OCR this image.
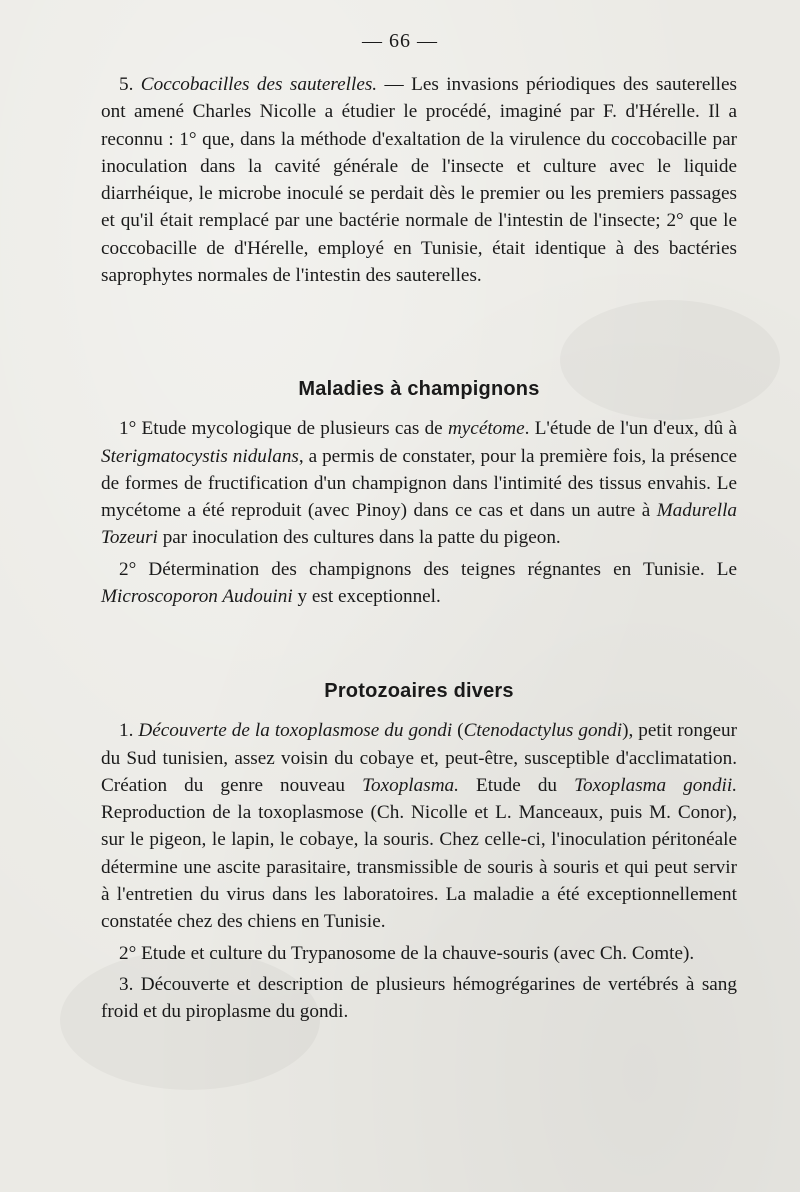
— 66 —

5. Coccobacilles des sauterelles. — Les invasions périodiques des sauterelles ont amené Charles Nicolle a étudier le procédé, imaginé par F. d'Hérelle. Il a reconnu : 1° que, dans la méthode d'exaltation de la virulence du coccobacille par inoculation dans la cavité générale de l'insecte et culture avec le liquide diarrhéique, le microbe inoculé se perdait dès le premier ou les premiers passages et qu'il était remplacé par une bactérie normale de l'intestin de l'insecte; 2° que le coccobacille de d'Hérelle, employé en Tunisie, était identique à des bactéries saprophytes normales de l'intestin des sauterelles.

Maladies à champignons

1° Etude mycologique de plusieurs cas de mycétome. L'étude de l'un d'eux, dû à Sterigmatocystis nidulans, a permis de constater, pour la première fois, la présence de formes de fructification d'un champignon dans l'intimité des tissus envahis. Le mycétome a été reproduit (avec Pinoy) dans ce cas et dans un autre à Madurella Tozeuri par inoculation des cultures dans la patte du pigeon.

2° Détermination des champignons des teignes régnantes en Tunisie. Le Microscoporon Audouini y est exceptionnel.

Protozoaires divers

1. Découverte de la toxoplasmose du gondi (Ctenodactylus gondi), petit rongeur du Sud tunisien, assez voisin du cobaye et, peut-être, susceptible d'acclimatation. Création du genre nouveau Toxoplasma. Etude du Toxoplasma gondii. Reproduction de la toxoplasmose (Ch. Nicolle et L. Manceaux, puis M. Conor), sur le pigeon, le lapin, le cobaye, la souris. Chez celle-ci, l'inoculation péritonéale détermine une ascite parasitaire, transmissible de souris à souris et qui peut servir à l'entretien du virus dans les laboratoires. La maladie a été exceptionnellement constatée chez des chiens en Tunisie.

2° Etude et culture du Trypanosome de la chauve-souris (avec Ch. Comte).

3. Découverte et description de plusieurs hémogrégarines de vertébrés à sang froid et du piroplasme du gondi.
